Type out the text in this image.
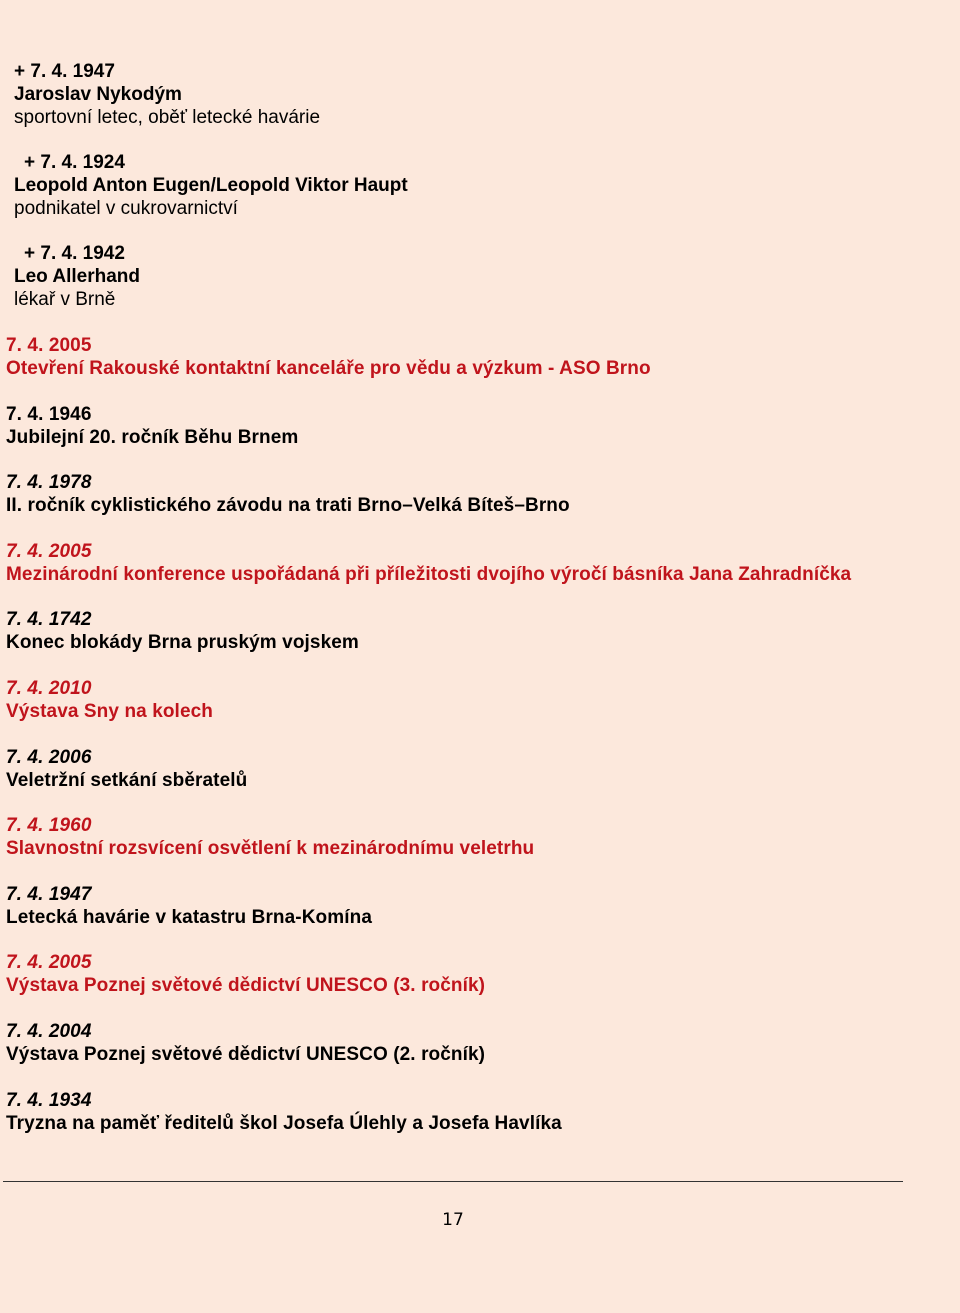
+ 7. 4. 1947
Jaroslav Nykodým
sportovní letec, oběť letecké havárie
+ 7. 4. 1924
Leopold Anton Eugen/Leopold Viktor Haupt
podnikatel v cukrovarnictví
+ 7. 4. 1942
Leo Allerhand
lékař v Brně
7. 4. 2005
Otevření Rakouské kontaktní kanceláře pro vědu a výzkum - ASO Brno
7. 4. 1946
Jubilejní 20. ročník Běhu Brnem
7. 4. 1978
II. ročník cyklistického závodu na trati Brno–Velká Bíteš–Brno
7. 4. 2005
Mezinárodní konference uspořádaná při příležitosti dvojího výročí básníka Jana Zahradníčka
7. 4. 1742
Konec blokády Brna pruským vojskem
7. 4. 2010
Výstava Sny na kolech
7. 4. 2006
Veletržní setkání sběratelů
7. 4. 1960
Slavnostní rozsvícení osvětlení k mezinárodnímu veletrhu
7. 4. 1947
Letecká havárie v katastru Brna-Komína
7. 4. 2005
Výstava Poznej světové dědictví UNESCO (3. ročník)
7. 4. 2004
Výstava Poznej světové dědictví UNESCO (2. ročník)
7. 4. 1934
Tryzna na paměť ředitelů škol Josefa Úlehly a Josefa Havlíka
17
